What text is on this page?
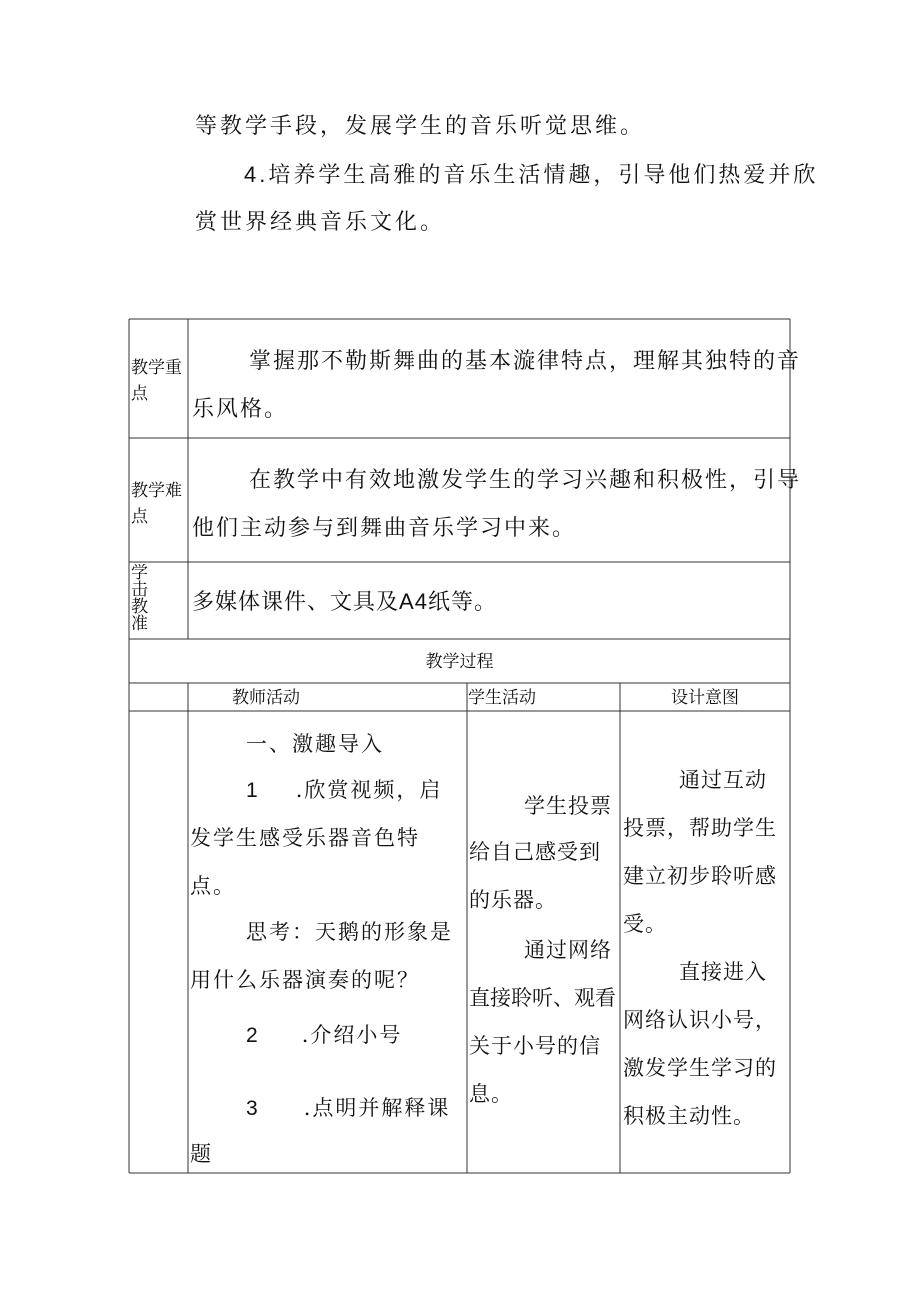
等教学手段，发展学生的音乐听觉思维。

4.培养学生高雅的音乐生活情趣，引导他们热爱并欣

赏世界经典音乐文化。

教学重
点
掌握那不勒斯舞曲的基本漩律特点，理解其独特的音
乐风格。
教学难
点
在教学中有效地激发学生的学习兴趣和积极性，引导
他们主动参与到舞曲音乐学习中来。
学
击
教
准
多媒体课件、文具及A4纸等。
教学过程
教师活动	学生活动	设计意图
一、激趣导入
1 .欣赏视频，启
发学生感受乐器音色特
点。
思考：天鹅的形象是
用什么乐器演奏的呢？
2 .介绍小号
3 .点明并解释课
题
学生投票
给自己感受到
的乐器。
通过网络
直接聆听、观看
关于小号的信
息。
通过互动
投票，帮助学生
建立初步聆听感
受。
直接进入
网络认识小号，
激发学生学习的
积极主动性。
